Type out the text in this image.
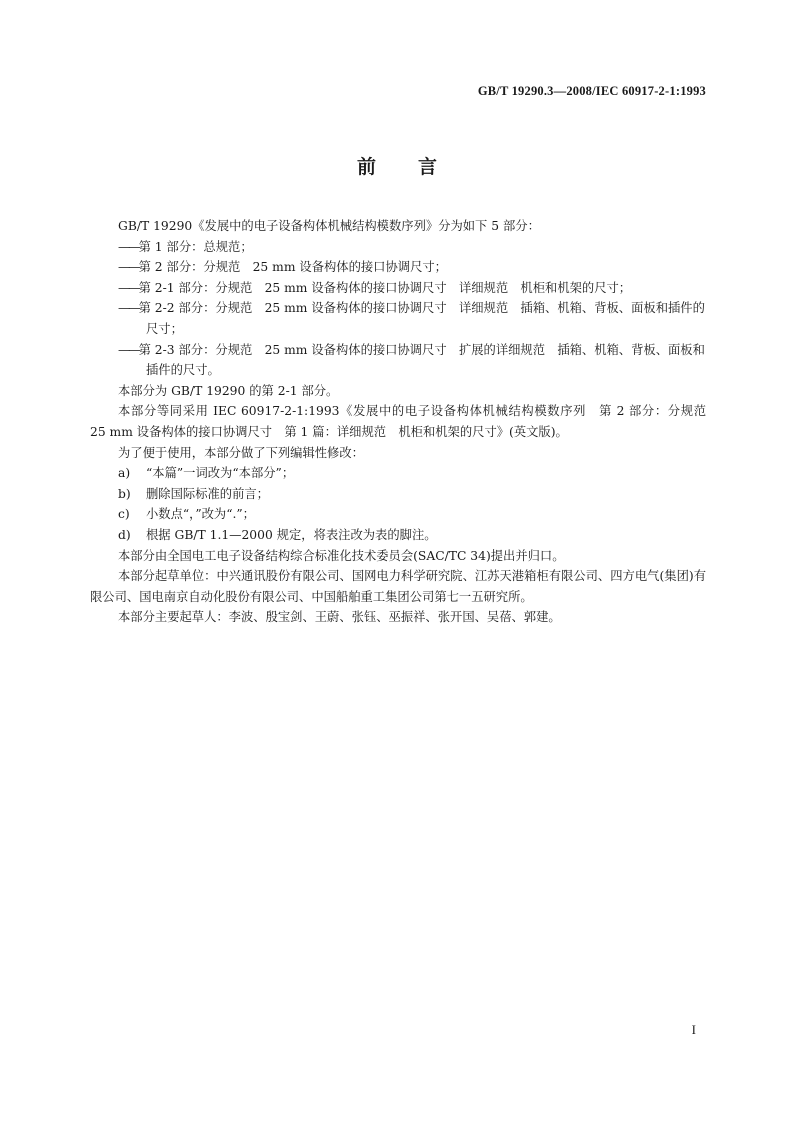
GB/T 19290.3—2008/IEC 60917-2-1:1993
前言

GB/T 19290《发展中的电子设备构体机械结构模数序列》分为如下 5 部分：

——第 1 部分：总规范；

——第 2 部分：分规范　25 mm 设备构体的接口协调尺寸；

——第 2-1 部分：分规范　25 mm 设备构体的接口协调尺寸　详细规范　机柜和机架的尺寸；

——第 2-2 部分：分规范　25 mm 设备构体的接口协调尺寸　详细规范　插箱、机箱、背板、面板和插件的尺寸；

——第 2-3 部分：分规范　25 mm 设备构体的接口协调尺寸　扩展的详细规范　插箱、机箱、背板、面板和插件的尺寸。

本部分为 GB/T 19290 的第 2-1 部分。

本部分等同采用 IEC 60917-2-1:1993《发展中的电子设备构体机械结构模数序列　第 2 部分：分规范　25 mm 设备构体的接口协调尺寸　第 1 篇：详细规范　机柜和机架的尺寸》(英文版)。

为了便于使用，本部分做了下列编辑性修改：

a) “本篇”一词改为“本部分”；

b) 删除国际标准的前言；

c) 小数点“，”改为“.”；

d) 根据 GB/T 1.1—2000 规定，将表注改为表的脚注。

本部分由全国电工电子设备结构综合标准化技术委员会(SAC/TC 34)提出并归口。

本部分起草单位：中兴通讯股份有限公司、国网电力科学研究院、江苏天港箱柜有限公司、四方电气(集团)有限公司、国电南京自动化股份有限公司、中国船舶重工集团公司第七一五研究所。

本部分主要起草人：李波、殷宝剑、王蔚、张钰、巫振祥、张开国、吴蓓、郭建。

I
